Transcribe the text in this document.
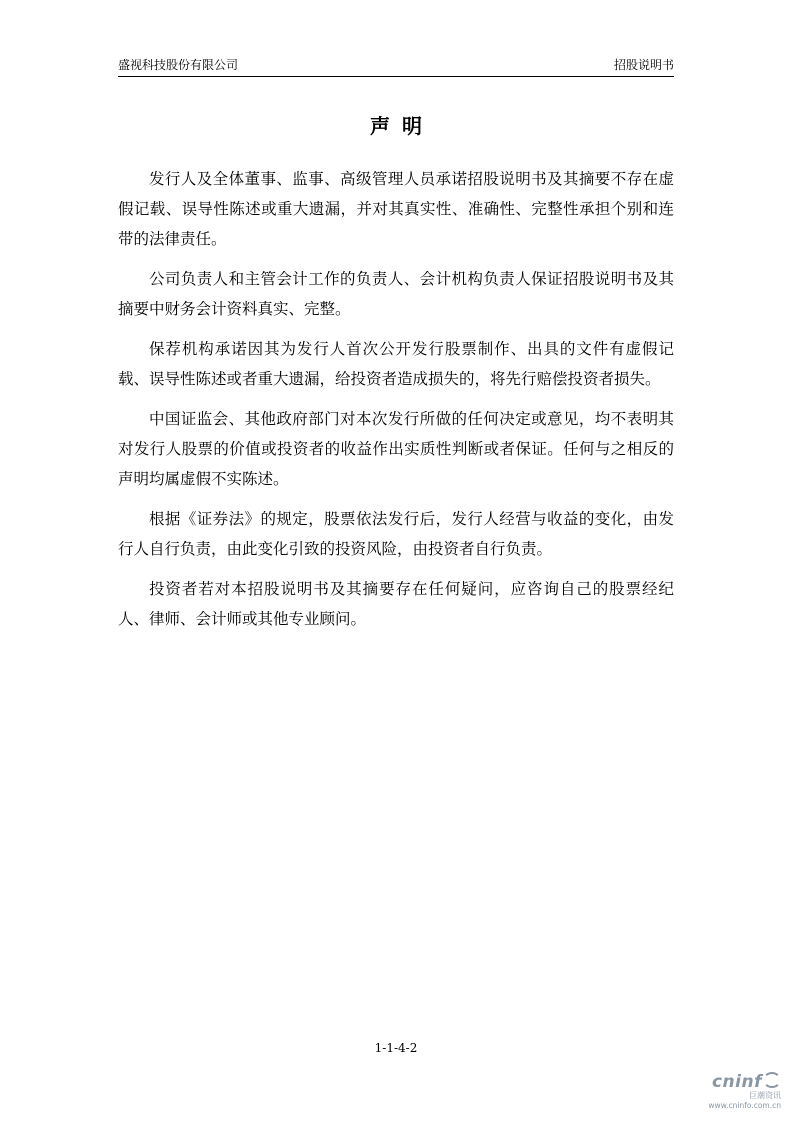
盛视科技股份有限公司	招股说明书
声明

发行人及全体董事、监事、高级管理人员承诺招股说明书及其摘要不存在虚假记载、误导性陈述或重大遗漏，并对其真实性、准确性、完整性承担个别和连带的法律责任。

公司负责人和主管会计工作的负责人、会计机构负责人保证招股说明书及其摘要中财务会计资料真实、完整。

保荐机构承诺因其为发行人首次公开发行股票制作、出具的文件有虚假记载、误导性陈述或者重大遗漏，给投资者造成损失的，将先行赔偿投资者损失。

中国证监会、其他政府部门对本次发行所做的任何决定或意见，均不表明其对发行人股票的价值或投资者的收益作出实质性判断或者保证。任何与之相反的声明均属虚假不实陈述。

根据《证券法》的规定，股票依法发行后，发行人经营与收益的变化，由发行人自行负责，由此变化引致的投资风险，由投资者自行负责。

投资者若对本招股说明书及其摘要存在任何疑问，应咨询自己的股票经纪人、律师、会计师或其他专业顾问。

1-1-4-2
cninf
巨潮资讯
www.cninfo.com.cn
